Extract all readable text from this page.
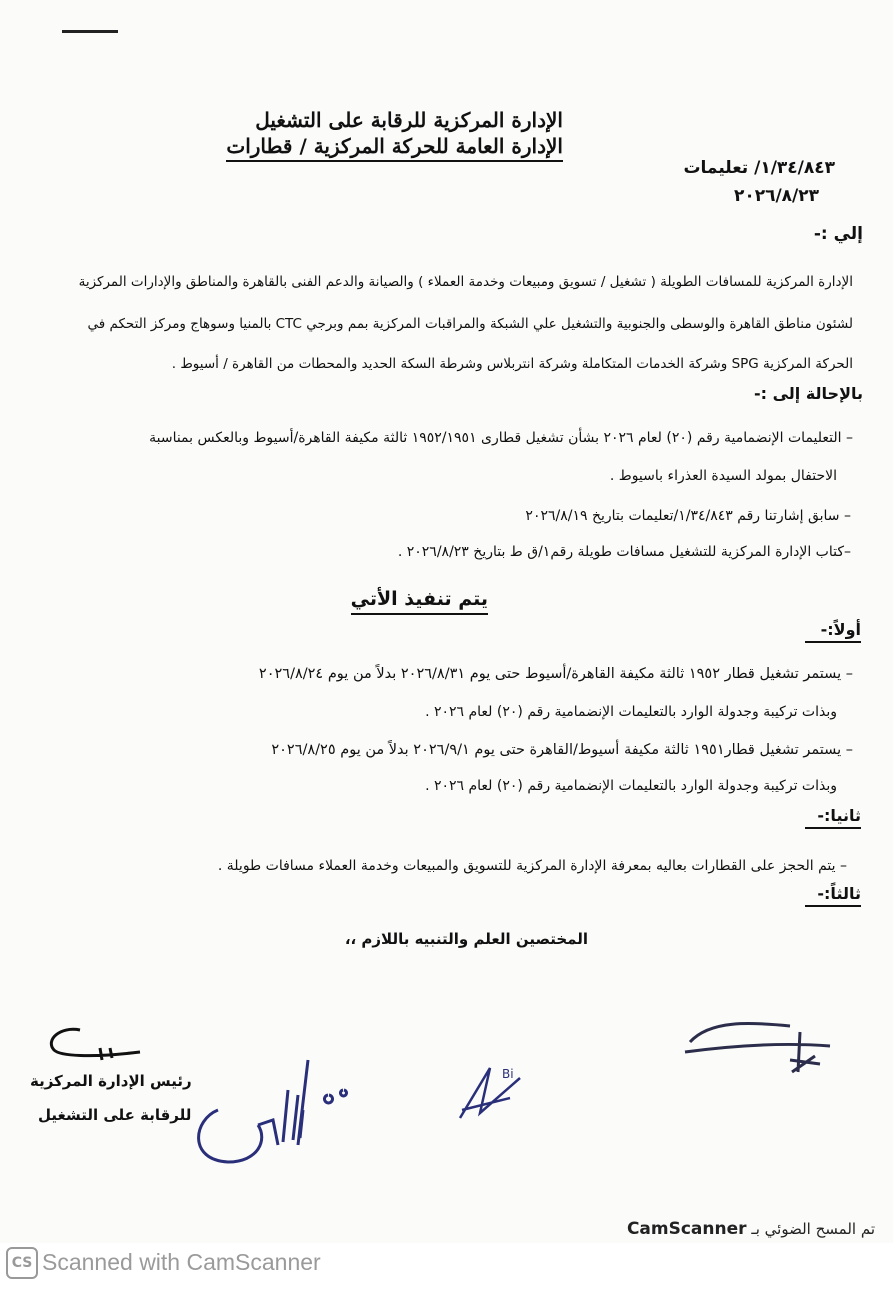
الإدارة المركزية للرقابة على التشغيل
الإدارة العامة للحركة المركزية / قطارات
١/٣٤/٨٤٣/ تعليمات
٢٠٢٦/٨/٢٣
إلي :-
الإدارة المركزية للمسافات الطويلة ( تشغيل / تسويق ومبيعات وخدمة العملاء ) والصيانة والدعم الفنى بالقاهرة والمناطق والإدارات المركزية
لشئون مناطق القاهرة والوسطى والجنوبية والتشغيل علي الشبكة والمراقبات المركزية بمم وبرجي CTC بالمنيا وسوهاج ومركز التحكم في
الحركة المركزية SPG وشركة الخدمات المتكاملة وشركة انتربلاس وشرطة السكة الحديد والمحطات من القاهرة / أسيوط .
بالإحالة إلى :-
– التعليمات الإنضمامية رقم (٢٠) لعام ٢٠٢٦ بشأن تشغيل قطارى ١٩٥٢/١٩٥١ ثالثة مكيفة القاهرة/أسيوط وبالعكس بمناسبة
الاحتفال بمولد السيدة العذراء باسيوط .
– سابق إشارتنا رقم ١/٣٤/٨٤٣/تعليمات بتاريخ ٢٠٢٦/٨/١٩
–كتاب الإدارة المركزية للتشغيل مسافات طويلة رقم١/ق ط بتاريخ ٢٠٢٦/٨/٢٣ .
يتم تنفيذ الأتي
أولاً:-
– يستمر تشغيل قطار ١٩٥٢ ثالثة مكيفة القاهرة/أسيوط حتى يوم ٢٠٢٦/٨/٣١ بدلاً من يوم ٢٠٢٦/٨/٢٤
وبذات تركيبة وجدولة الوارد بالتعليمات الإنضمامية رقم (٢٠) لعام ٢٠٢٦ .
– يستمر تشغيل قطار١٩٥١ ثالثة مكيفة أسيوط/القاهرة حتى يوم ٢٠٢٦/٩/١ بدلاً من يوم ٢٠٢٦/٨/٢٥
وبذات تركيبة وجدولة الوارد بالتعليمات الإنضمامية رقم (٢٠) لعام ٢٠٢٦ .
ثانيا:-
– يتم الحجز على القطارات بعاليه بمعرفة الإدارة المركزية للتسويق والمبيعات وخدمة العملاء مسافات طويلة .
ثالثاً:-
المختصين العلم والتنبيه باللازم ،،
Bi
رئيس الإدارة المركزية
للرقابة على التشغيل
تم المسح الضوئي بـ CamScanner
CS Scanned with CamScanner
